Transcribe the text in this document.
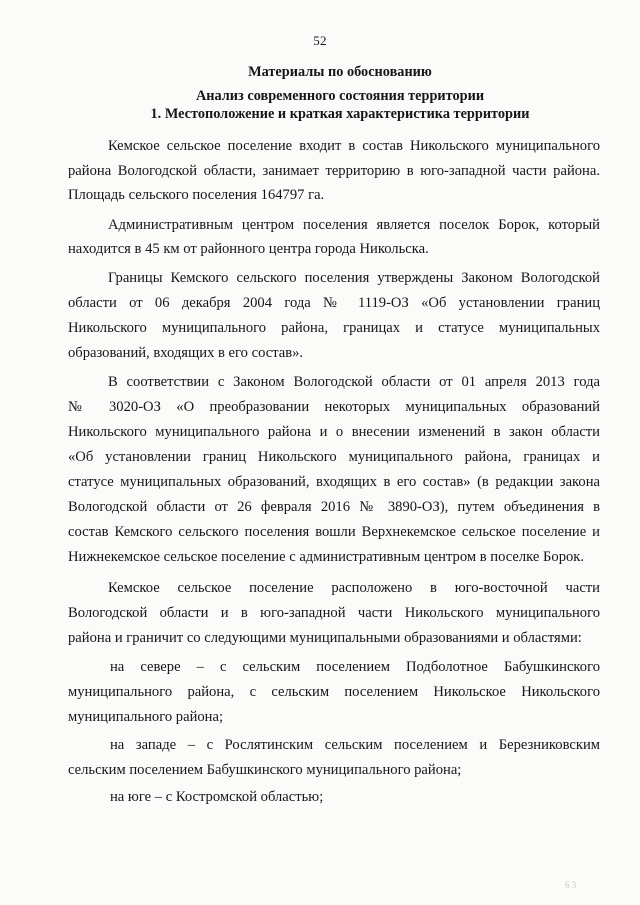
52
Материалы по обоснованию
Анализ современного состояния территории
1. Местоположение и краткая характеристика территории
Кемское сельское поселение входит в состав Никольского муниципального
района Вологодской области, занимает территорию в юго-западной части района.
Площадь сельского поселения 164797 га.
Административным центром поселения является поселок Борок, который
находится в 45 км от районного центра города Никольска.
Границы Кемского сельского поселения утверждены Законом Вологодской
области от 06 декабря 2004 года № 1119-ОЗ «Об установлении границ
Никольского муниципального района, границах и статусе муниципальных
образований, входящих в его состав».
В соответствии с Законом Вологодской области от 01 апреля 2013 года
№ 3020-ОЗ «О преобразовании некоторых муниципальных образований
Никольского муниципального района и о внесении изменений в закон области
«Об установлении границ Никольского муниципального района, границах и
статусе муниципальных образований, входящих в его состав» (в редакции закона
Вологодской области от 26 февраля 2016 № 3890-ОЗ), путем объединения в
состав Кемского сельского поселения вошли Верхнекемское сельское поселение и
Нижнекемское сельское поселение с административным центром в поселке Борок.
Кемское сельское поселение расположено в юго-восточной части
Вологодской области и в юго-западной части Никольского муниципального
района и граничит со следующими муниципальными образованиями и областями:
на севере – с сельским поселением Подболотное Бабушкинского
муниципального района, с сельским поселением Никольское Никольского
муниципального района;
на западе – с Рослятинским сельским поселением и Березниковским
сельским поселением Бабушкинского муниципального района;
на юге – с Костромской областью;
6 3
